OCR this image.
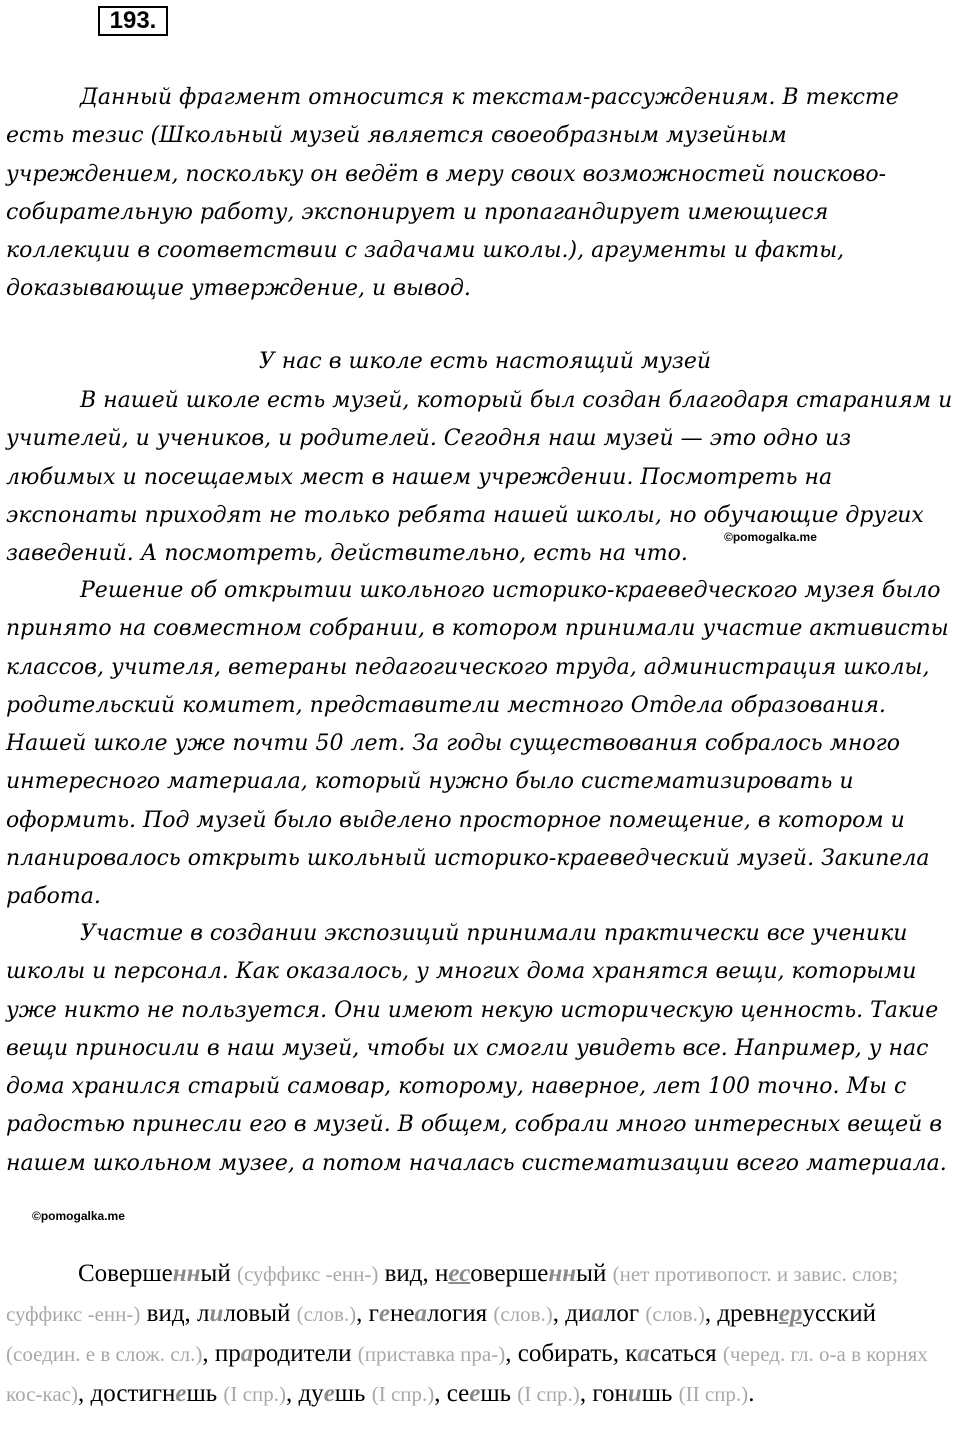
193.

Данный фрагмент относится к текстам-рассуждениям. В тексте есть тезис (Школьный музей является своеобразным музейным учреждением, поскольку он ведёт в меру своих возможностей поисково-собирательную работу, экспонирует и пропагандирует имеющиеся коллекции в соответствии с задачами школы.), аргументы и факты, доказывающие утверждение, и вывод.

У нас в школе есть настоящий музей

В нашей школе есть музей, который был создан благодаря стараниям и учителей, и учеников, и родителей. Сегодня наш музей — это одно из любимых и посещаемых мест в нашем учреждении. Посмотреть на экспонаты приходят не только ребята нашей школы, но обучающие других заведений. А посмотреть, действительно, есть на что.

©pomogalka.me

Решение об открытии школьного историко-краеведческого музея было принято на совместном собрании, в котором принимали участие активисты классов, учителя, ветераны педагогического труда, администрация школы, родительский комитет, представители местного Отдела образования. Нашей школе уже почти 50 лет. За годы существования собралось много интересного материала, который нужно было систематизировать и оформить. Под музей было выделено просторное помещение, в котором и планировалось открыть школьный историко-краеведческий музей. Закипела работа.

Участие в создании экспозиций принимали практически все ученики школы и персонал. Как оказалось, у многих дома хранятся вещи, которыми уже никто не пользуется. Они имеют некую историческую ценность. Такие вещи приносили в наш музей, чтобы их смогли увидеть все. Например, у нас дома хранился старый самовар, которому, наверное, лет 100 точно. Мы с радостью принесли его в музей. В общем, собрали много интересных вещей в нашем школьном музее, а потом началась систематизации всего материала.

©pomogalka.me

Совершенный (суффикс -енн-) вид, несовершенный (нет противопост. и завис. слов; суффикс -енн-) вид, лиловый (слов.), генеалогия (слов.), диалог (слов.), древнерусский (соедин. е в слож. сл.), прародители (приставка пра-), собирать, касаться (черед. гл. о-а в корнях кос-кас), достигнешь (I спр.), дуешь (I спр.), сеешь (I спр.), гонишь (II спр.).
